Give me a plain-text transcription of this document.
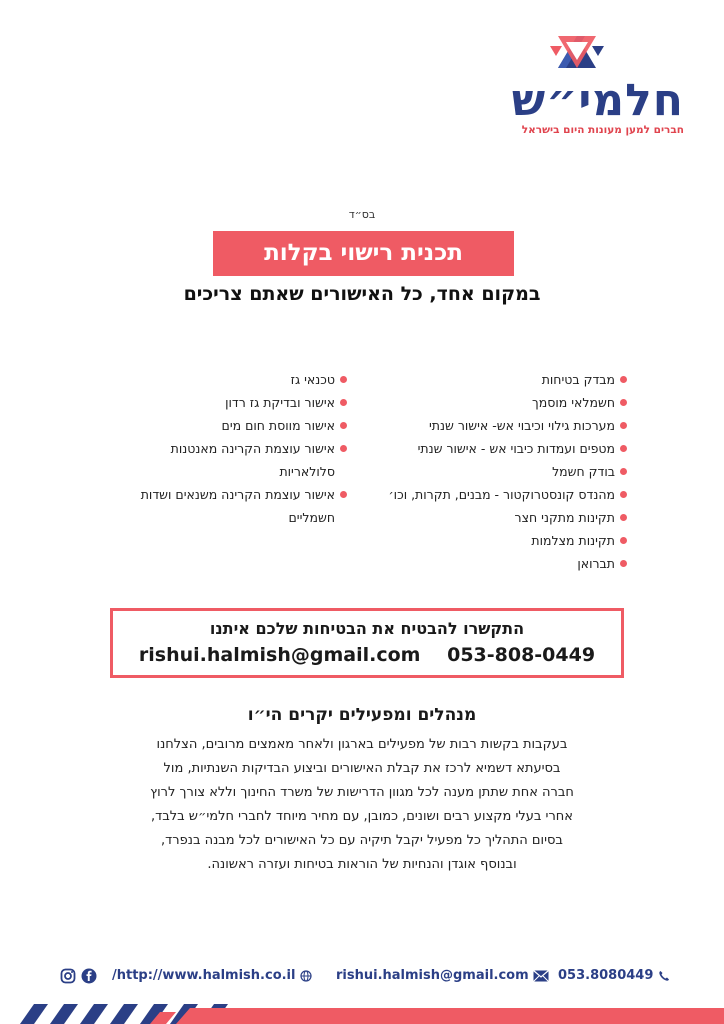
חלמי״ש
חברים למען מעונות היום בישראל
בס״ד
תכנית רישוי בקלות
במקום אחד, כל האישורים שאתם צריכים
מבדק בטיחות
חשמלאי מוסמך
מערכות גילוי וכיבוי אש- אישור שנתי
מטפים ועמדות כיבוי אש - אישור שנתי
בודק חשמל
מהנדס קונסטרוקטור - מבנים, תקרות, וכו׳
תקינות מתקני חצר
תקינות מצלמות
תברואן
טכנאי גז
אישור ובדיקת גז רדון
אישור מווסת חום מים
אישור עוצמת הקרינה מאנטנות
סלולאריות
אישור עוצמת הקרינה משנאים ושדות
חשמליים
התקשרו להבטיח את הבטיחות שלכם איתנו
rishui.halmish@gmail.com 053-808-0449
מנהלים ומפעילים יקרים הי״ו
בעקבות בקשות רבות של מפעילים בארגון ולאחר מאמצים מרובים, הצלחנו
בסיעתא דשמיא לרכז את קבלת האישורים וביצוע הבדיקות השנתיות, מול
חברה אחת שתתן מענה לכל מגוון הדרישות של משרד החינוך וללא צורך לרוץ
אחרי בעלי מקצוע רבים ושונים, כמובן, עם מחיר מיוחד לחברי חלמי״ש בלבד,
בסיום התהליך כל מפעיל יקבל תיקיה עם כל האישורים לכל מבנה בנפרד,
ובנוסף אוגדן והנחיות של הוראות בטיחות ועזרה ראשונה.

/http://www.halmish.co.il	rishui.halmish@gmail.com	053.8080449
